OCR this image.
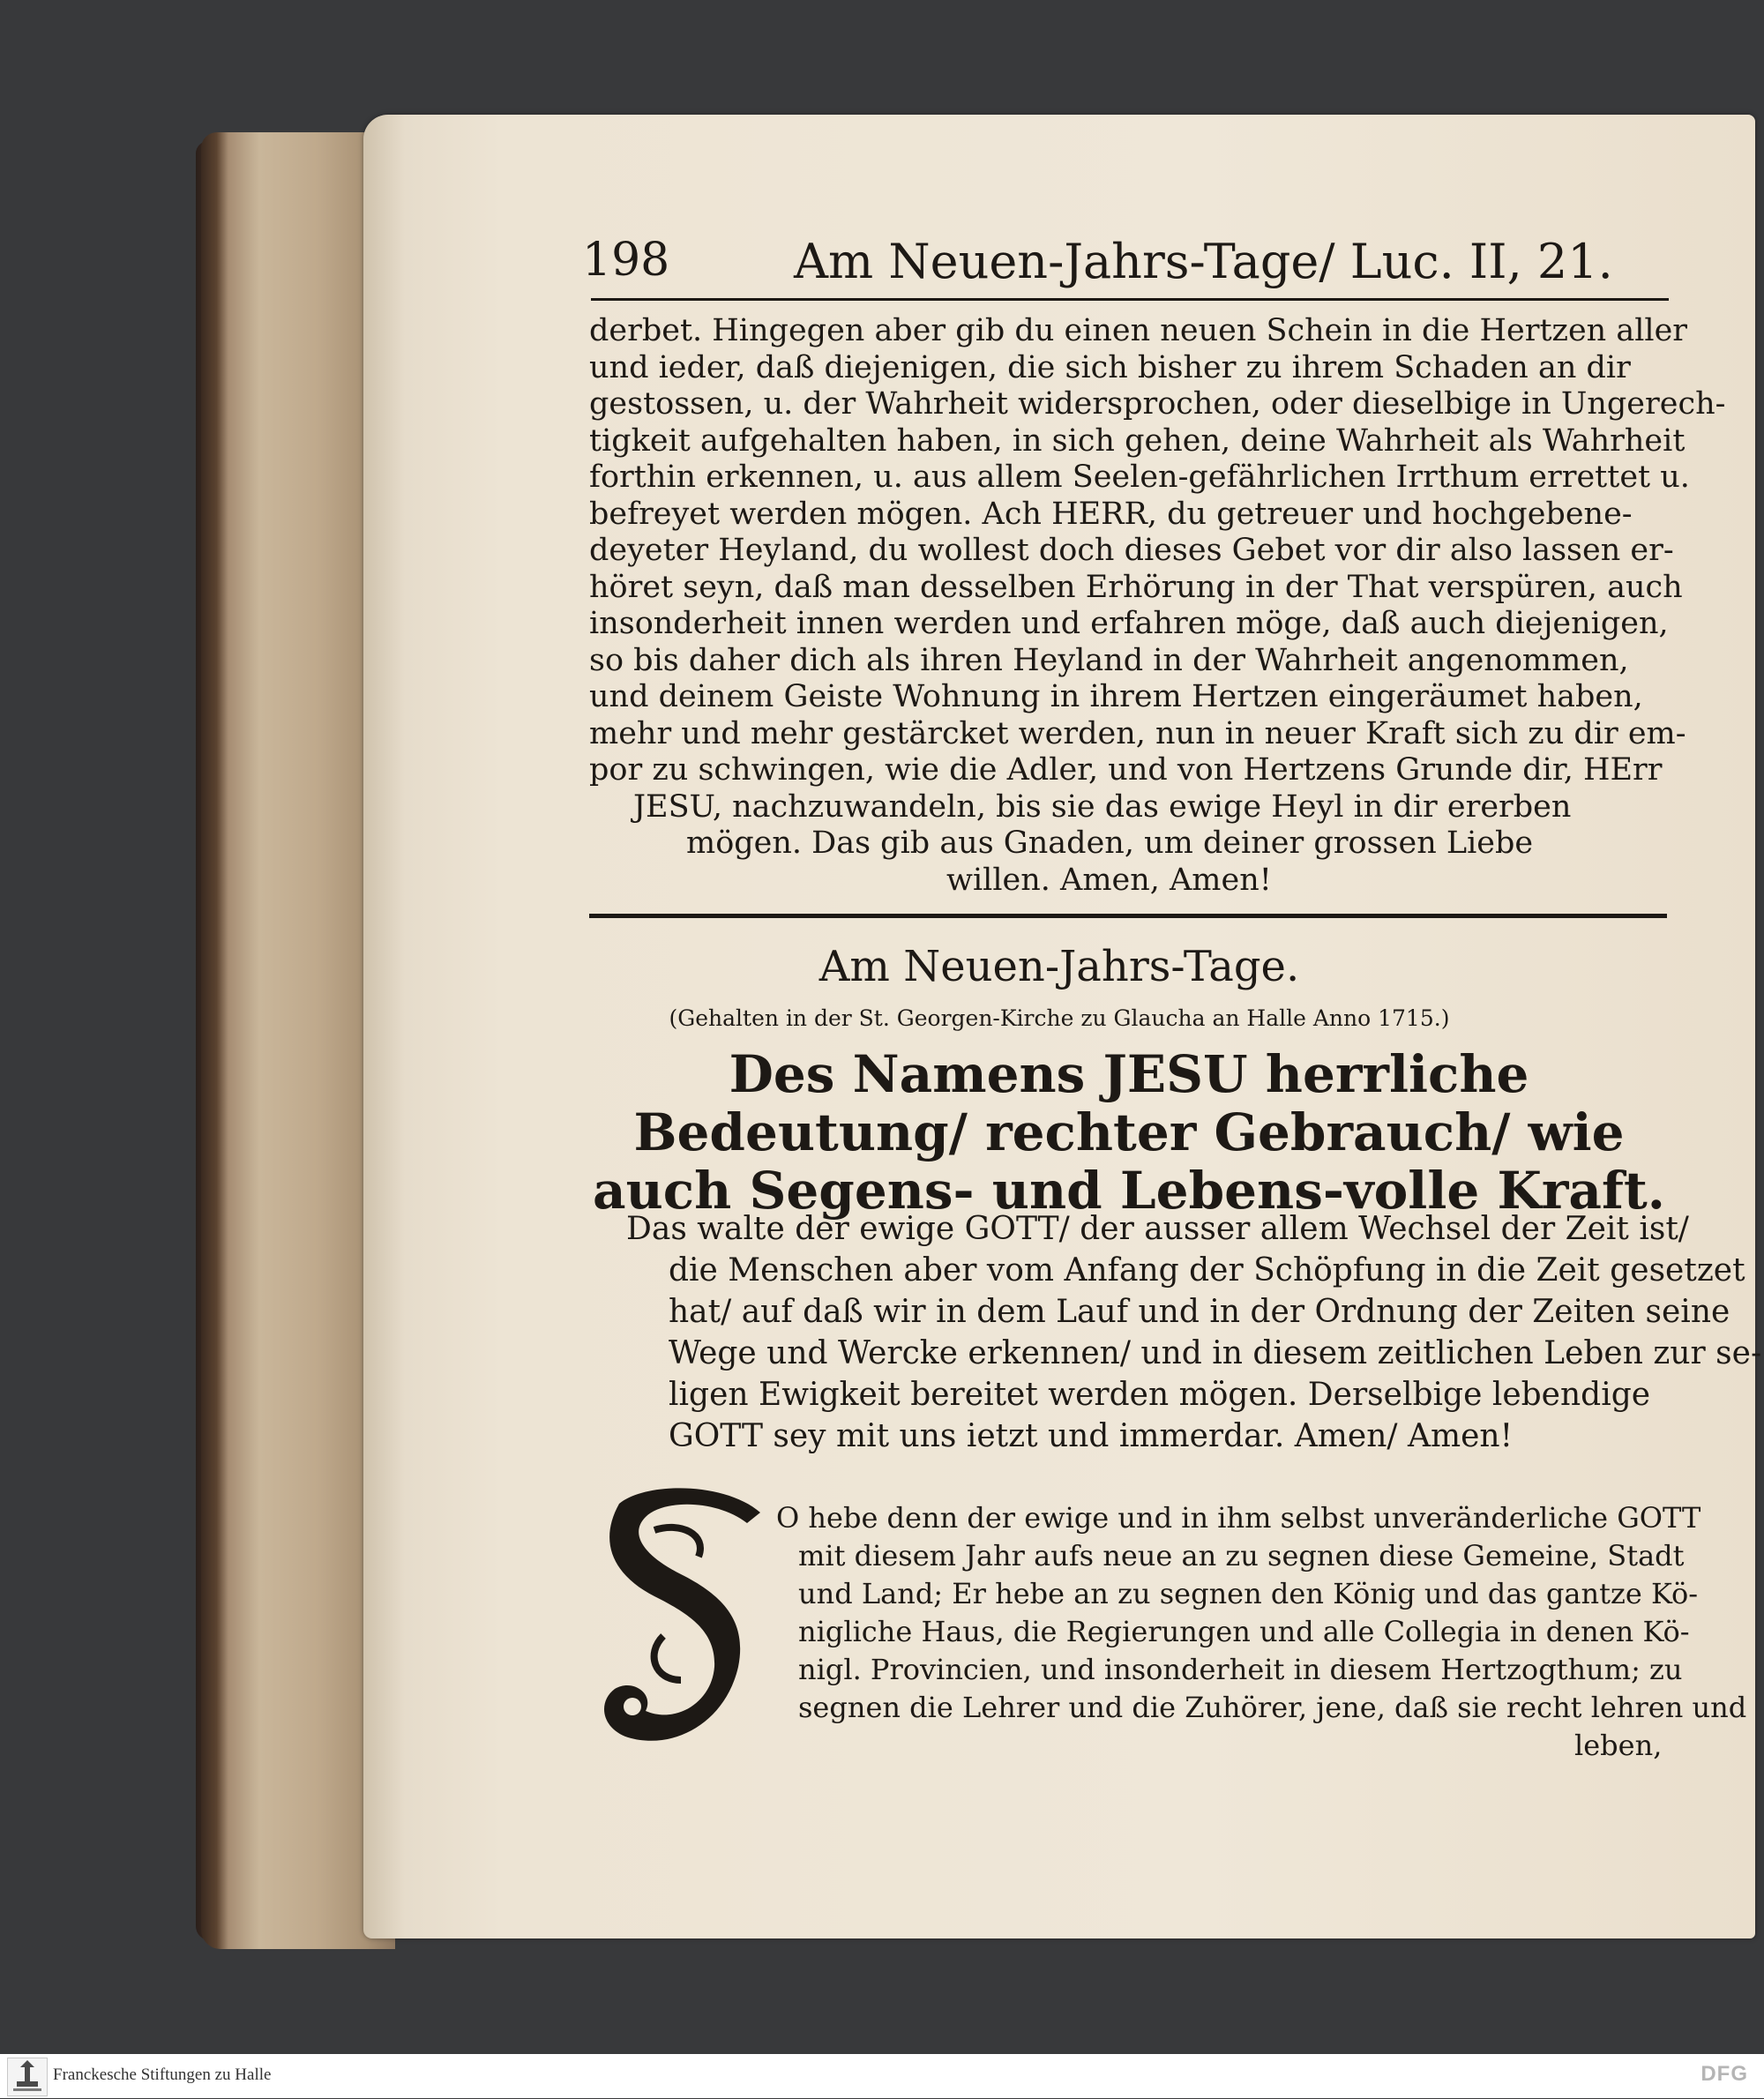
198	Am Neuen-Jahrs-Tage/ Luc. II, 21.
derbet. Hingegen aber gib du einen neuen Schein in die Hertzen aller
und ieder, daß diejenigen, die sich bisher zu ihrem Schaden an dir
gestossen, u. der Wahrheit widersprochen, oder dieselbige in Ungerech-
tigkeit aufgehalten haben, in sich gehen, deine Wahrheit als Wahrheit
forthin erkennen, u. aus allem Seelen-gefährlichen Irrthum errettet u.
befreyet werden mögen. Ach HERR, du getreuer und hochgebene-
deyeter Heyland, du wollest doch dieses Gebet vor dir also lassen er-
höret seyn, daß man desselben Erhörung in der That verspüren, auch
insonderheit innen werden und erfahren möge, daß auch diejenigen,
so bis daher dich als ihren Heyland in der Wahrheit angenommen,
und deinem Geiste Wohnung in ihrem Hertzen eingeräumet haben,
mehr und mehr gestärcket werden, nun in neuer Kraft sich zu dir em-
por zu schwingen, wie die Adler, und von Hertzens Grunde dir, HErr
JESU, nachzuwandeln, bis sie das ewige Heyl in dir ererben
mögen. Das gib aus Gnaden, um deiner grossen Liebe
willen. Amen, Amen!
Am Neuen-Jahrs-Tage.
(Gehalten in der St. Georgen-Kirche zu Glaucha an Halle Anno 1715.)
Des Namens JESU herrliche Bedeutung/ rechter Gebrauch/ wie auch Segens- und Lebens-volle Kraft.
Das walte der ewige GOTT/ der ausser allem Wechsel der Zeit ist/
die Menschen aber vom Anfang der Schöpfung in die Zeit gesetzet
hat/ auf daß wir in dem Lauf und in der Ordnung der Zeiten seine
Wege und Wercke erkennen/ und in diesem zeitlichen Leben zur se-
ligen Ewigkeit bereitet werden mögen. Derselbige lebendige
GOTT sey mit uns ietzt und immerdar. Amen/ Amen!
O hebe denn der ewige und in ihm selbst unveränderliche GOTT
mit diesem Jahr aufs neue an zu segnen diese Gemeine, Stadt
und Land; Er hebe an zu segnen den König und das gantze Kö-
nigliche Haus, die Regierungen und alle Collegia in denen Kö-
nigl. Provincien, und insonderheit in diesem Hertzogthum; zu
segnen die Lehrer und die Zuhörer, jene, daß sie recht lehren und
leben,
Franckesche Stiftungen zu Halle	DFG
